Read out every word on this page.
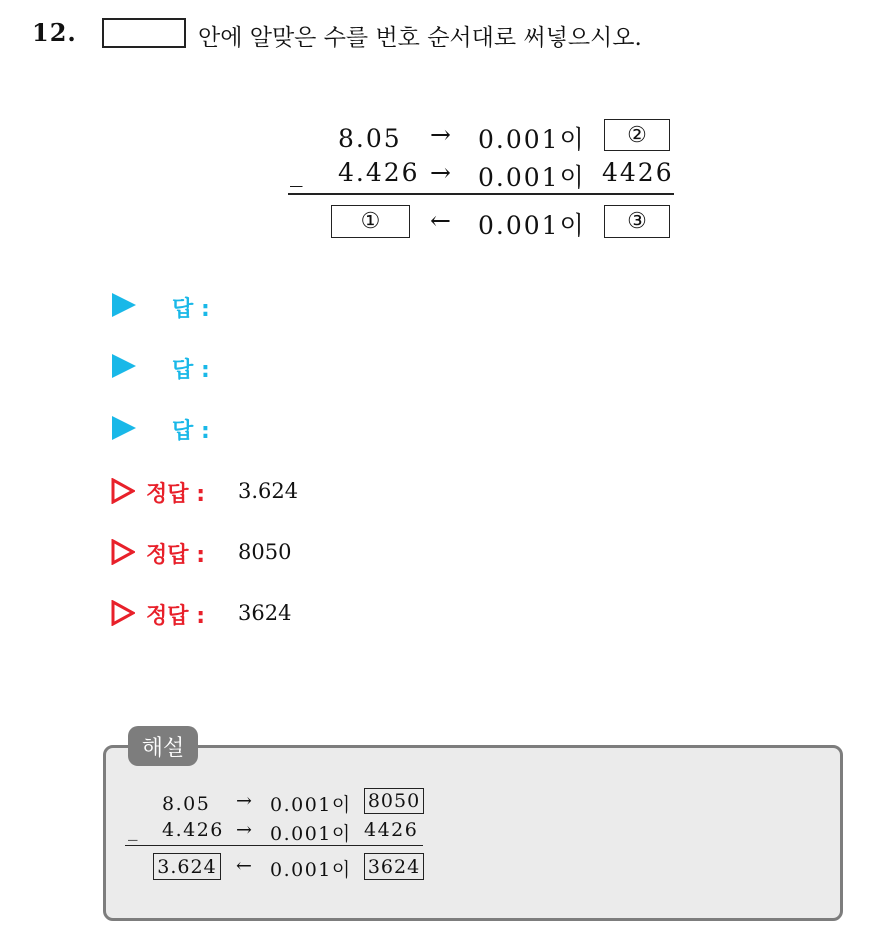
12.	안에 알맞은 수를 번호 순서대로 써넣으시오.
8.05 → 0.001이 ②
_ 4.426 → 0.001이 4426
① ← 0.001이 ③
답 :
답 :
답 :
정답 : 3.624
정답 : 8050
정답 : 3624
해설
8.05 → 0.001이 8050
_ 4.426 → 0.001이 4426
3.624 ← 0.001이 3624
